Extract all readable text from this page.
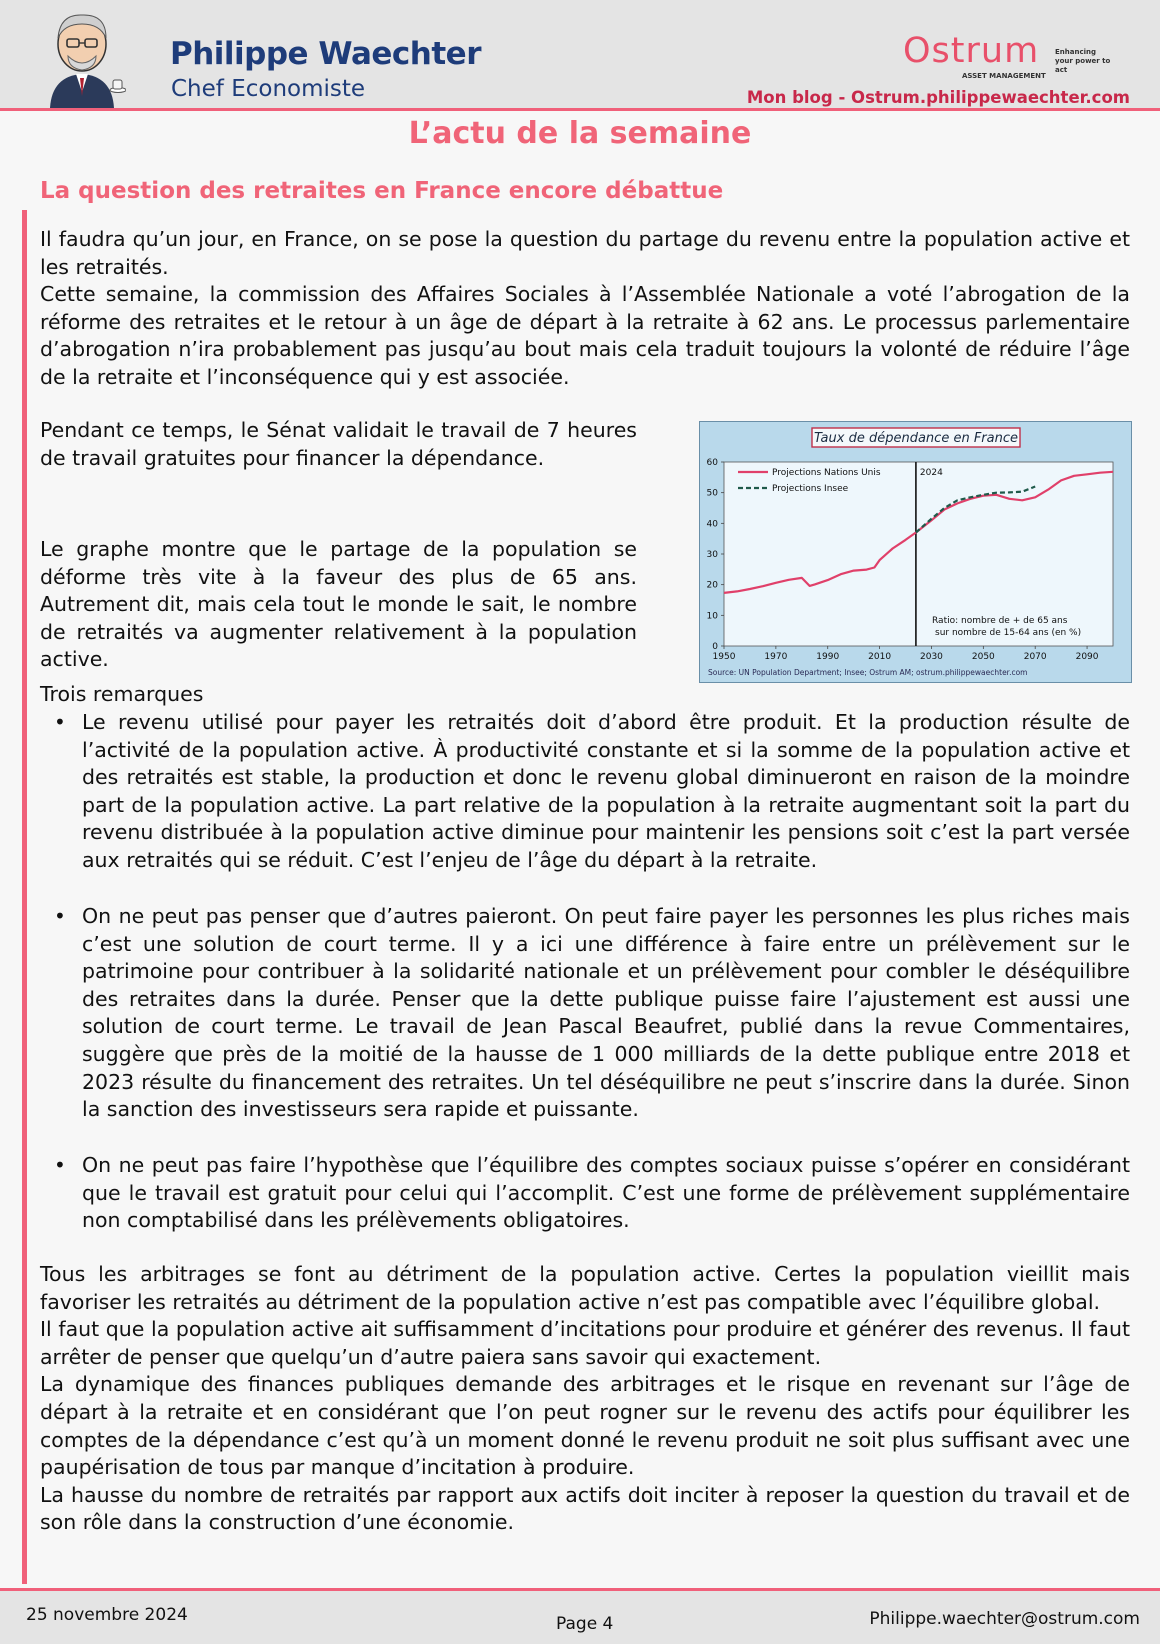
Philippe Waechter
Chef Economiste
Ostrum
ASSET MANAGEMENT
Enhancing your power to act
Mon blog - Ostrum.philippewaechter.com
L’actu de la semaine
La question des retraites en France encore débattue

Il faudra qu’un jour, en France, on se pose la question du partage du revenu entre la population active et les retraités.
Cette semaine, la commission des Affaires Sociales à l’Assemblée Nationale a voté l’abrogation de la réforme des retraites et le retour à un âge de départ à la retraite à 62 ans. Le processus parlementaire d’abrogation n’ira probablement pas jusqu’au bout mais cela traduit toujours la volonté de réduire l’âge de la retraite et l’inconséquence qui y est associée.

Pendant ce temps, le Sénat validait le travail de 7 heures de travail gratuites pour financer la dépendance.

Le graphe montre que le partage de la population se déforme très vite à la faveur des plus de 65 ans. Autrement dit, mais cela tout le monde le sait, le nombre de retraités va augmenter relativement à la population active.

Taux de dépendance en France
0
10
20
30
40
50
60
1950	1970	1990	2010	2030	2050	2070	2090
2024
Projections Nations Unis
Projections Insee
Ratio: nombre de + de 65 ans
sur nombre de 15-64 ans (en %)
Source: UN Population Department; Insee; Ostrum AM; ostrum.philippewaechter.com

Trois remarques

• Le revenu utilisé pour payer les retraités doit d’abord être produit. Et la production résulte de l’activité de la population active. À productivité constante et si la somme de la population active et des retraités est stable, la production et donc le revenu global diminueront en raison de la moindre part de la population active. La part relative de la population à la retraite augmentant soit la part du revenu distribuée à la population active diminue pour maintenir les pensions soit c’est la part versée aux retraités qui se réduit. C’est l’enjeu de l’âge du départ à la retraite.
• On ne peut pas penser que d’autres paieront. On peut faire payer les personnes les plus riches mais c’est une solution de court terme. Il y a ici une différence à faire entre un prélèvement sur le patrimoine pour contribuer à la solidarité nationale et un prélèvement pour combler le déséquilibre des retraites dans la durée. Penser que la dette publique puisse faire l’ajustement est aussi une solution de court terme. Le travail de Jean Pascal Beaufret, publié dans la revue Commentaires, suggère que près de la moitié de la hausse de 1 000 milliards de la dette publique entre 2018 et 2023 résulte du financement des retraites. Un tel déséquilibre ne peut s’inscrire dans la durée. Sinon la sanction des investisseurs sera rapide et puissante.
• On ne peut pas faire l’hypothèse que l’équilibre des comptes sociaux puisse s’opérer en considérant que le travail est gratuit pour celui qui l’accomplit. C’est une forme de prélèvement supplémentaire non comptabilisé dans les prélèvements obligatoires.

Tous les arbitrages se font au détriment de la population active. Certes la population vieillit mais favoriser les retraités au détriment de la population active n’est pas compatible avec l’équilibre global.
Il faut que la population active ait suffisamment d’incitations pour produire et générer des revenus. Il faut arrêter de penser que quelqu’un d’autre paiera sans savoir qui exactement.
La dynamique des finances publiques demande des arbitrages et le risque en revenant sur l’âge de départ à la retraite et en considérant que l’on peut rogner sur le revenu des actifs pour équilibrer les comptes de la dépendance c’est qu’à un moment donné le revenu produit ne soit plus suffisant avec une paupérisation de tous par manque d’incitation à produire.
La hausse du nombre de retraités par rapport aux actifs doit inciter à reposer la question du travail et de son rôle dans la construction d’une économie.

25 novembre 2024	Page 4	Philippe.waechter@ostrum.com
